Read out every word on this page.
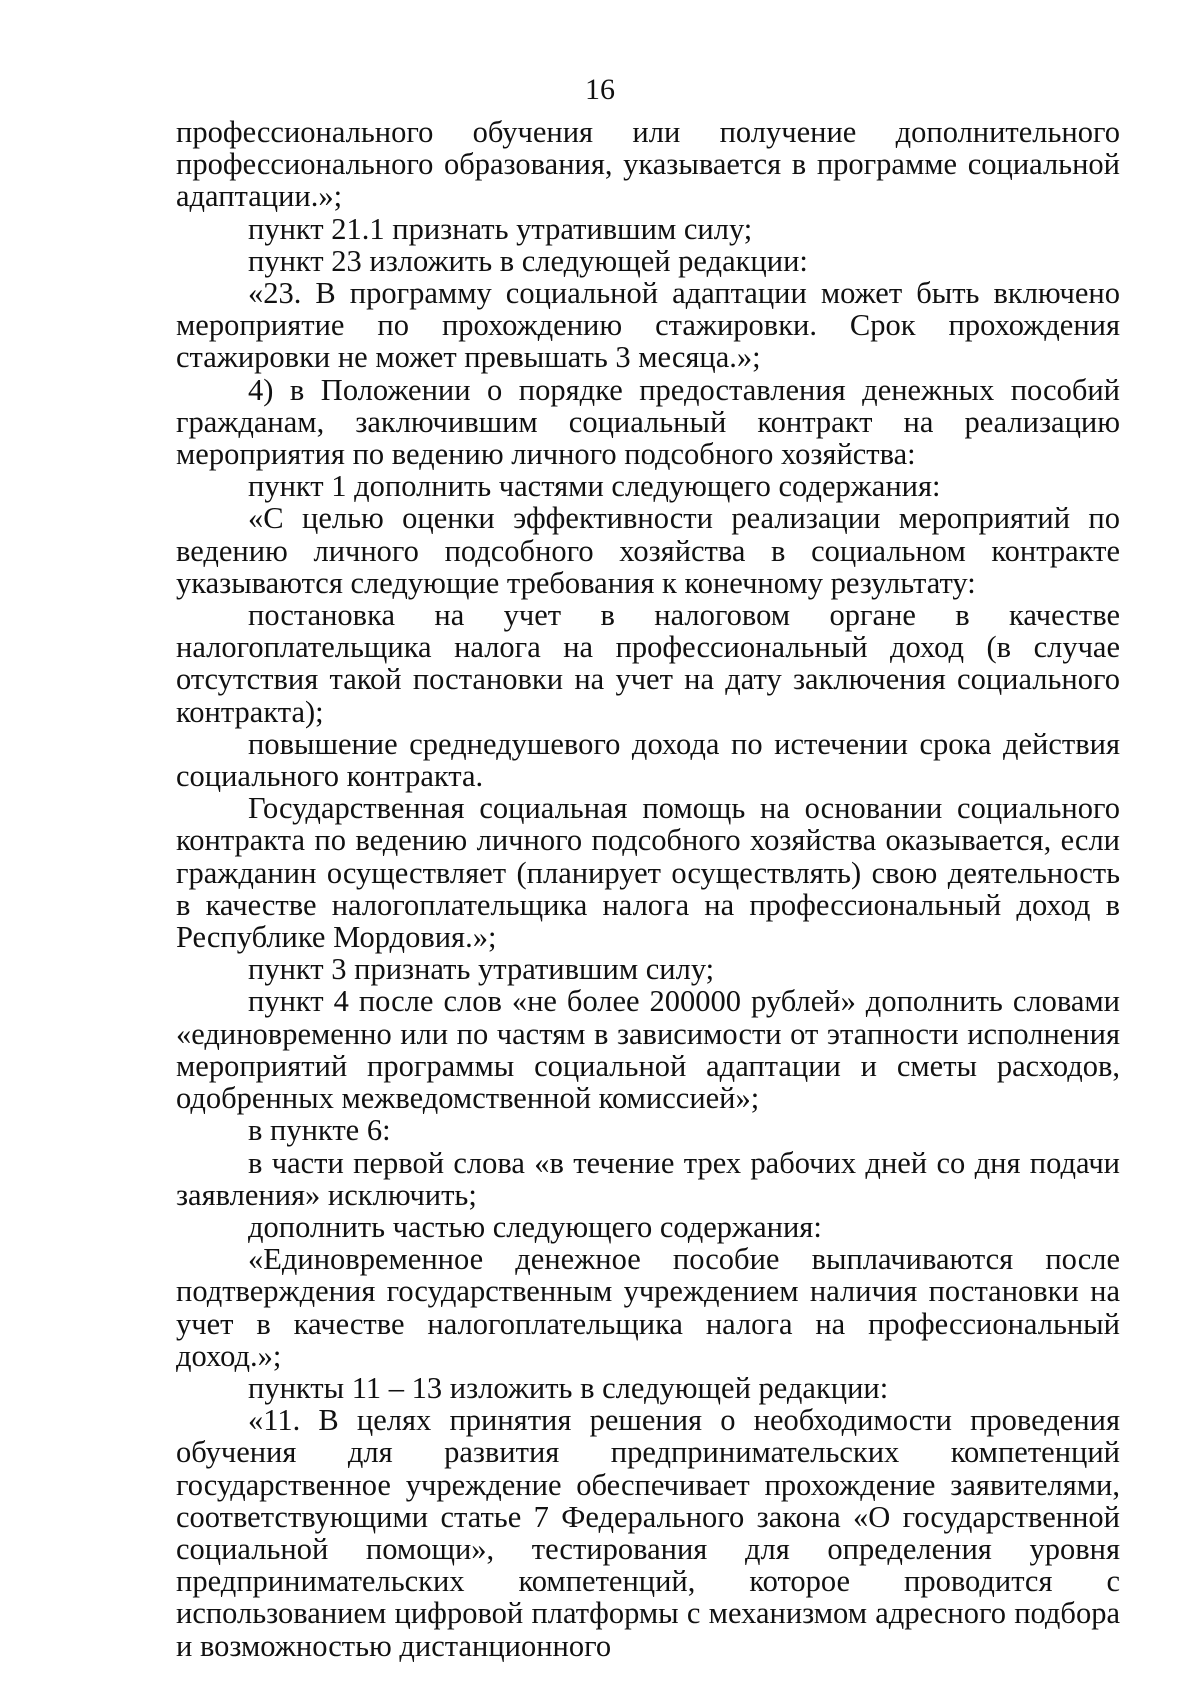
16

профессионального обучения или получение дополнительного профессионального образования, указывается в программе социальной адаптации.»;

пункт 21.1 признать утратившим силу;

пункт 23 изложить в следующей редакции:

«23. В программу социальной адаптации может быть включено мероприятие по прохождению стажировки. Срок прохождения стажировки не может превышать 3 месяца.»;

4) в Положении о порядке предоставления денежных пособий гражданам, заключившим социальный контракт на реализацию мероприятия по ведению личного подсобного хозяйства:

пункт 1 дополнить частями следующего содержания:

«С целью оценки эффективности реализации мероприятий по ведению личного подсобного хозяйства в социальном контракте указываются следующие требования к конечному результату:

постановка на учет в налоговом органе в качестве налогоплательщика налога на профессиональный доход (в случае отсутствия такой постановки на учет на дату заключения социального контракта);

повышение среднедушевого дохода по истечении срока действия социального контракта.

Государственная социальная помощь на основании социального контракта по ведению личного подсобного хозяйства оказывается, если гражданин осуществляет (планирует осуществлять) свою деятельность в качестве налогоплательщика налога на профессиональный доход в Республике Мордовия.»;

пункт 3 признать утратившим силу;

пункт 4 после слов «не более 200000 рублей» дополнить словами «единовременно или по частям в зависимости от этапности исполнения мероприятий программы социальной адаптации и сметы расходов, одобренных межведомственной комиссией»;

в пункте 6:

в части первой слова «в течение трех рабочих дней со дня подачи заявления» исключить;

дополнить частью следующего содержания:

«Единовременное денежное пособие выплачиваются после подтверждения государственным учреждением наличия постановки на учет в качестве налогоплательщика налога на профессиональный доход.»;

пункты 11 – 13 изложить в следующей редакции:

«11. В целях принятия решения о необходимости проведения обучения для развития предпринимательских компетенций государственное учреждение обеспечивает прохождение заявителями, соответствующими статье 7 Федерального закона «О государственной социальной помощи», тестирования для определения уровня предпринимательских компетенций, которое проводится с использованием цифровой платформы с механизмом адресного подбора и возможностью дистанционного
